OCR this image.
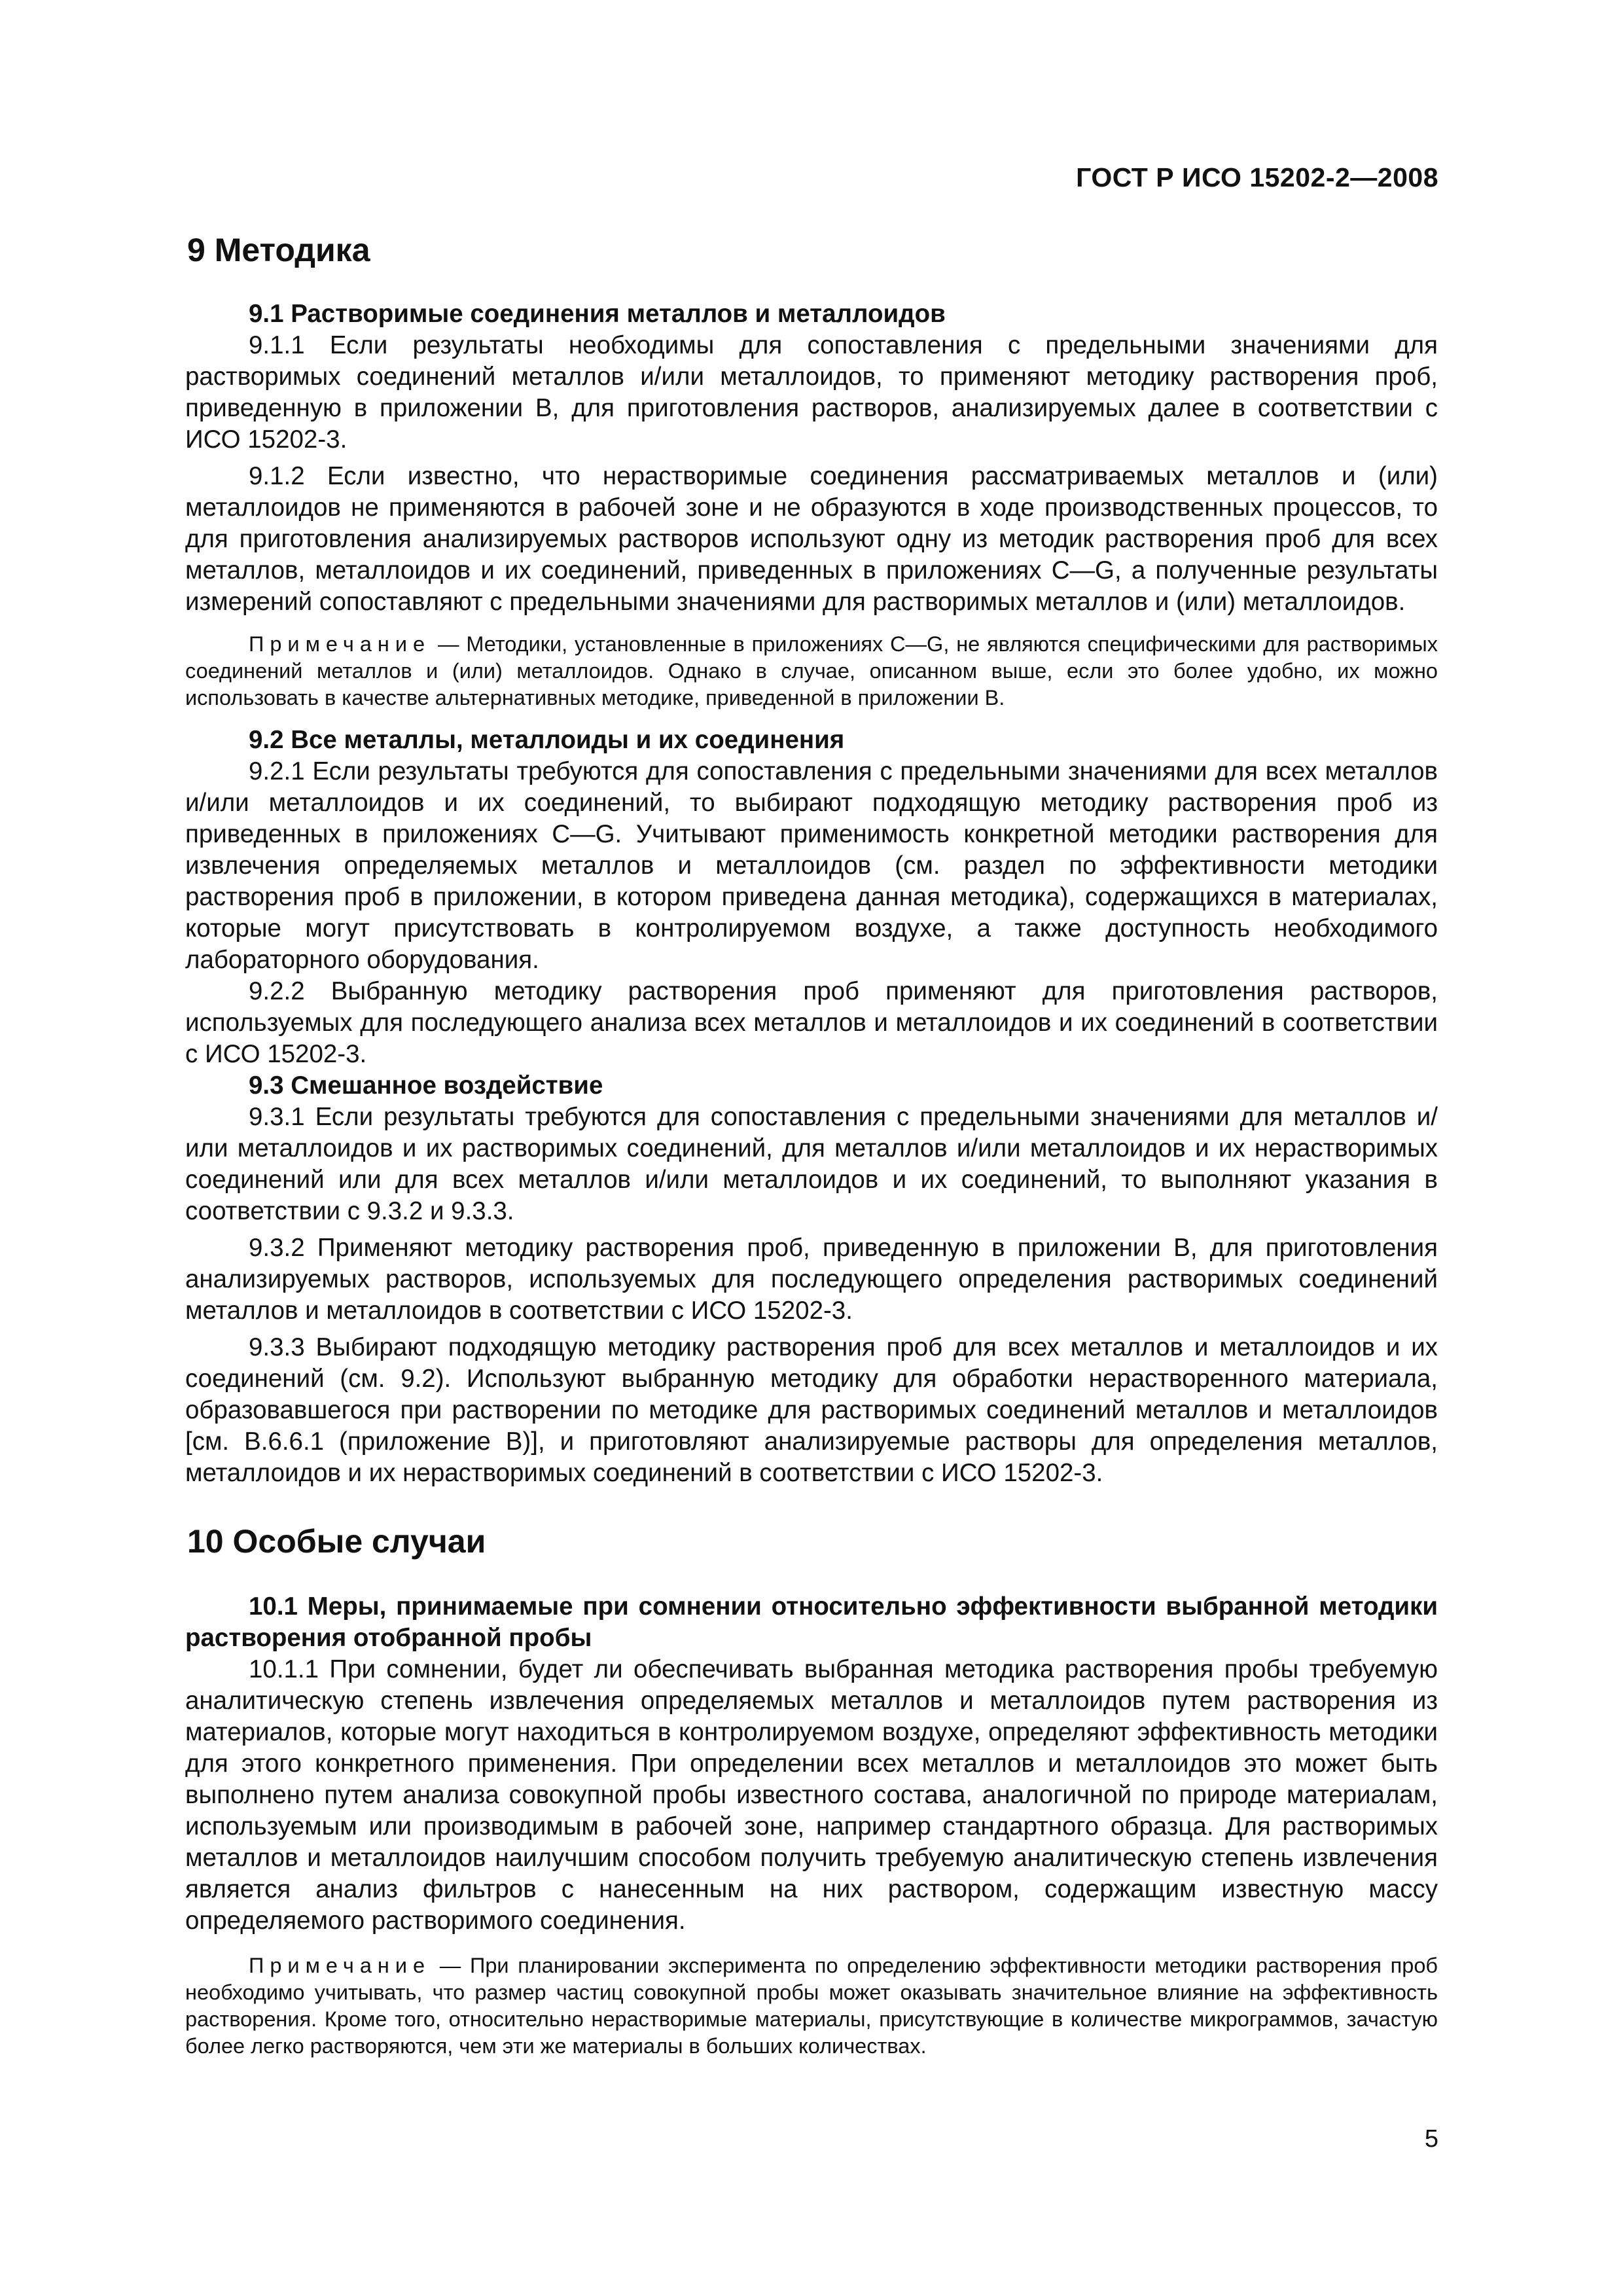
ГОСТ Р ИСО 15202-2—2008
9 Методика
9.1 Растворимые соединения металлов и металлоидов

9.1.1 Если результаты необходимы для сопоставления с предельными значениями для растворимых соединений металлов и/или металлоидов, то применяют методику растворения проб, приведенную в приложении В, для приготовления растворов, анализируемых далее в соответствии с ИСО 15202-3.

9.1.2 Если известно, что нерастворимые соединения рассматриваемых металлов и (или) металлоидов не применяются в рабочей зоне и не образуются в ходе производственных процессов, то для приготовления анализируемых растворов используют одну из методик растворения проб для всех металлов, металлоидов и их соединений, приведенных в приложениях С—G, а полученные результаты измерений сопоставляют с предельными значениями для растворимых металлов и (или) металлоидов.

Примечание — Методики, установленные в приложениях С—G, не являются специфическими для растворимых соединений металлов и (или) металлоидов. Однако в случае, описанном выше, если это более удобно, их можно использовать в качестве альтернативных методике, приведенной в приложении В.

9.2 Все металлы, металлоиды и их соединения

9.2.1 Если результаты требуются для сопоставления с предельными значениями для всех металлов и/или металлоидов и их соединений, то выбирают подходящую методику растворения проб из приведенных в приложениях С—G. Учитывают применимость конкретной методики растворения для извлечения определяемых металлов и металлоидов (см. раздел по эффективности методики растворения проб в приложении, в котором приведена данная методика), содержащихся в материалах, которые могут присутствовать в контролируемом воздухе, а также доступность необходимого лабораторного оборудования.

9.2.2 Выбранную методику растворения проб применяют для приготовления растворов, используемых для последующего анализа всех металлов и металлоидов и их соединений в соответствии с ИСО 15202-3.

9.3 Смешанное воздействие

9.3.1 Если результаты требуются для сопоставления с предельными значениями для металлов и/или металлоидов и их растворимых соединений, для металлов и/или металлоидов и их нерастворимых соединений или для всех металлов и/или металлоидов и их соединений, то выполняют указания в соответствии с 9.3.2 и 9.3.3.

9.3.2 Применяют методику растворения проб, приведенную в приложении В, для приготовления анализируемых растворов, используемых для последующего определения растворимых соединений металлов и металлоидов в соответствии с ИСО 15202-3.

9.3.3 Выбирают подходящую методику растворения проб для всех металлов и металлоидов и их соединений (см. 9.2). Используют выбранную методику для обработки нерастворенного материала, образовавшегося при растворении по методике для растворимых соединений металлов и металлоидов [см. В.6.6.1 (приложение В)], и приготовляют анализируемые растворы для определения металлов, металлоидов и их нерастворимых соединений в соответствии с ИСО 15202-3.

10 Особые случаи
10.1 Меры, принимаемые при сомнении относительно эффективности выбранной методики растворения отобранной пробы

10.1.1 При сомнении, будет ли обеспечивать выбранная методика растворения пробы требуемую аналитическую степень извлечения определяемых металлов и металлоидов путем растворения из материалов, которые могут находиться в контролируемом воздухе, определяют эффективность методики для этого конкретного применения. При определении всех металлов и металлоидов это может быть выполнено путем анализа совокупной пробы известного состава, аналогичной по природе материалам, используемым или производимым в рабочей зоне, например стандартного образца. Для растворимых металлов и металлоидов наилучшим способом получить требуемую аналитическую степень извлечения является анализ фильтров с нанесенным на них раствором, содержащим известную массу определяемого растворимого соединения.

Примечание — При планировании эксперимента по определению эффективности методики растворения проб необходимо учитывать, что размер частиц совокупной пробы может оказывать значительное влияние на эффективность растворения. Кроме того, относительно нерастворимые материалы, присутствующие в количестве микрограммов, зачастую более легко растворяются, чем эти же материалы в больших количествах.

5
